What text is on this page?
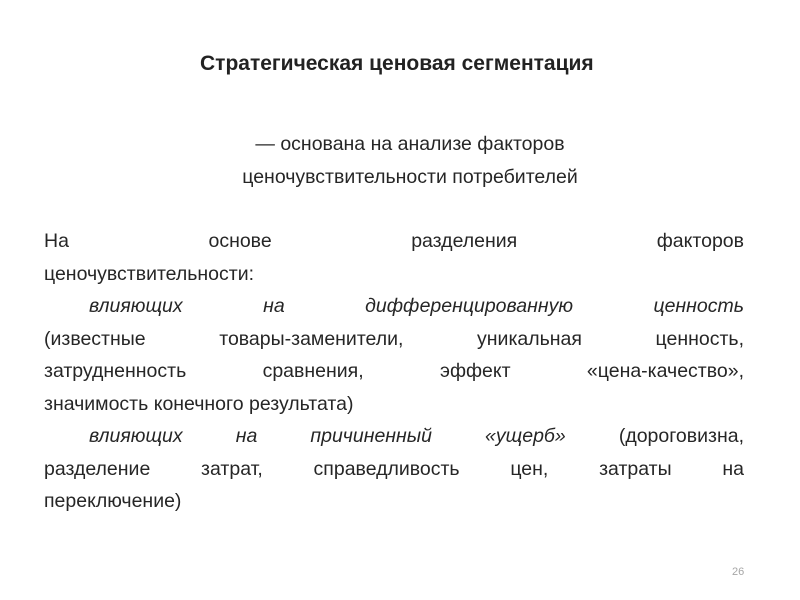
Стратегическая ценовая сегментация
— основана на анализе факторов
ценочувствительности потребителей
На	основе	разделения	факторов
ценочувствительности:
влияющих на дифференцированную ценность
(известные товары-заменители, уникальная ценность,
затрудненность сравнения, эффект «цена-качество»,
значимость конечного результата)
влияющих на причиненный «ущерб»	(дороговизна,
разделение затрат, справедливость цен, затраты на
переключение)
26
